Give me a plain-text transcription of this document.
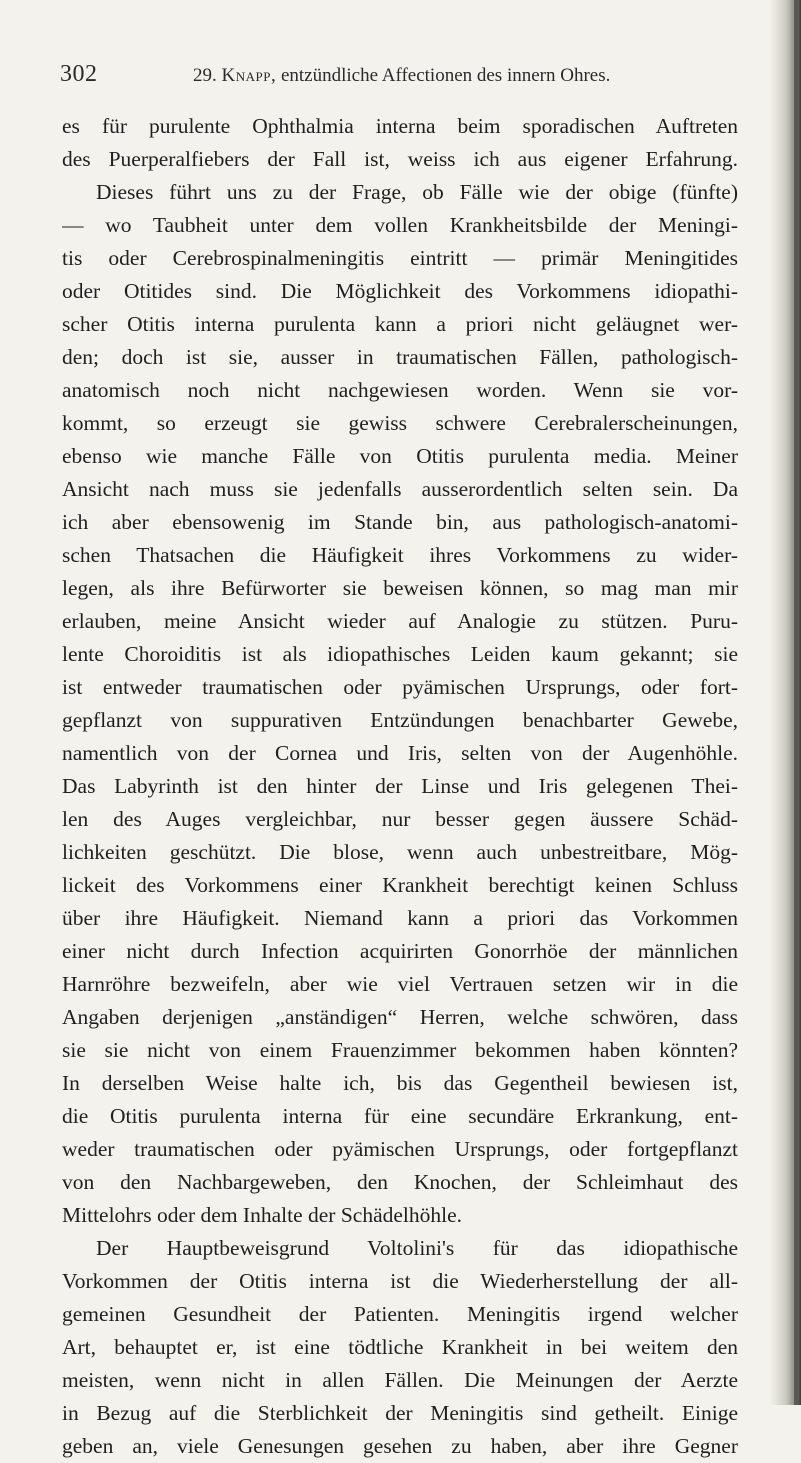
302	29. Knapp, entzündliche Affectionen des innern Ohres.
es für purulente Ophthalmia interna beim sporadischen Auftreten
des Puerperalfiebers der Fall ist, weiss ich aus eigener Erfahrung.
Dieses führt uns zu der Frage, ob Fälle wie der obige (fünfte)
— wo Taubheit unter dem vollen Krankheitsbilde der Meningi-
tis oder Cerebrospinalmeningitis eintritt — primär Meningitides
oder Otitides sind. Die Möglichkeit des Vorkommens idiopathi-
scher Otitis interna purulenta kann a priori nicht geläugnet wer-
den; doch ist sie, ausser in traumatischen Fällen, pathologisch-
anatomisch noch nicht nachgewiesen worden. Wenn sie vor-
kommt, so erzeugt sie gewiss schwere Cerebralerscheinungen,
ebenso wie manche Fälle von Otitis purulenta media. Meiner
Ansicht nach muss sie jedenfalls ausserordentlich selten sein. Da
ich aber ebensowenig im Stande bin, aus pathologisch-anatomi-
schen Thatsachen die Häufigkeit ihres Vorkommens zu wider-
legen, als ihre Befürworter sie beweisen können, so mag man mir
erlauben, meine Ansicht wieder auf Analogie zu stützen. Puru-
lente Choroiditis ist als idiopathisches Leiden kaum gekannt; sie
ist entweder traumatischen oder pyämischen Ursprungs, oder fort-
gepflanzt von suppurativen Entzündungen benachbarter Gewebe,
namentlich von der Cornea und Iris, selten von der Augenhöhle.
Das Labyrinth ist den hinter der Linse und Iris gelegenen Thei-
len des Auges vergleichbar, nur besser gegen äussere Schäd-
lichkeiten geschützt. Die blose, wenn auch unbestreitbare, Mög-
lickeit des Vorkommens einer Krankheit berechtigt keinen Schluss
über ihre Häufigkeit. Niemand kann a priori das Vorkommen
einer nicht durch Infection acquirirten Gonorrhöe der männlichen
Harnröhre bezweifeln, aber wie viel Vertrauen setzen wir in die
Angaben derjenigen „anständigen“ Herren, welche schwören, dass
sie sie nicht von einem Frauenzimmer bekommen haben könnten?
In derselben Weise halte ich, bis das Gegentheil bewiesen ist,
die Otitis purulenta interna für eine secundäre Erkrankung, ent-
weder traumatischen oder pyämischen Ursprungs, oder fortgepflanzt
von den Nachbargeweben, den Knochen, der Schleimhaut des
Mittelohrs oder dem Inhalte der Schädelhöhle.
Der Hauptbeweisgrund Voltolini's für das idiopathische
Vorkommen der Otitis interna ist die Wiederherstellung der all-
gemeinen Gesundheit der Patienten. Meningitis irgend welcher
Art, behauptet er, ist eine tödtliche Krankheit in bei weitem den
meisten, wenn nicht in allen Fällen. Die Meinungen der Aerzte
in Bezug auf die Sterblichkeit der Meningitis sind getheilt. Einige
geben an, viele Genesungen gesehen zu haben, aber ihre Gegner
